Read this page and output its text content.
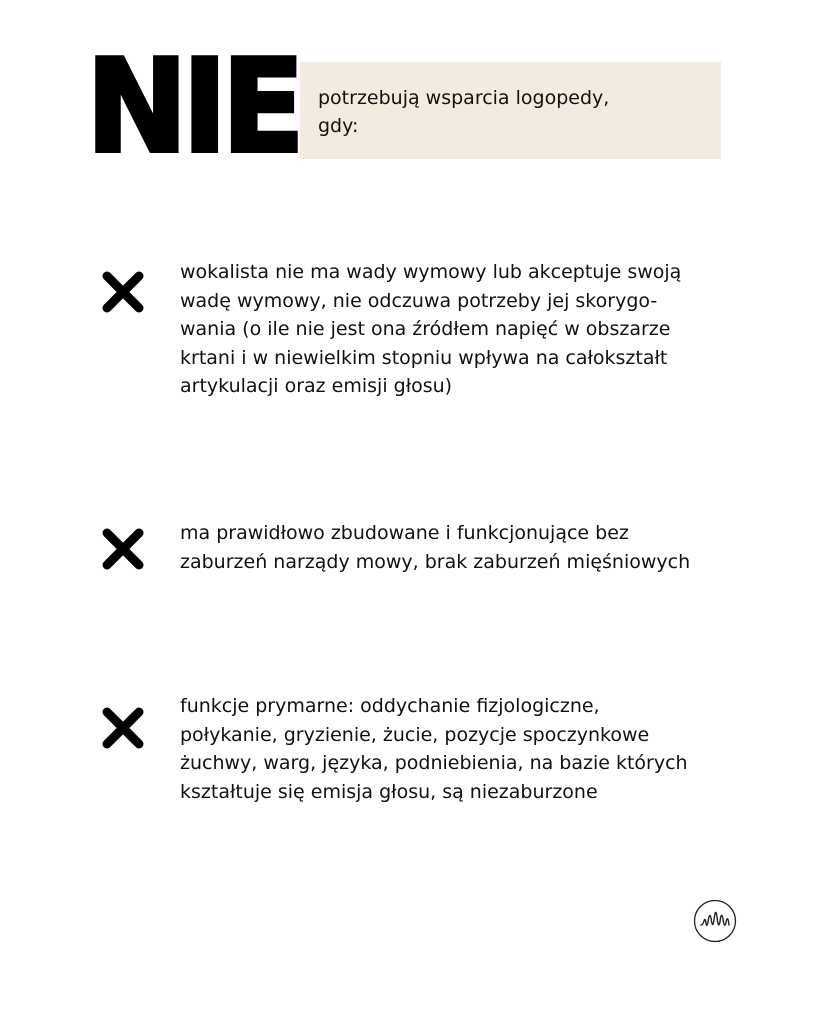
NIE potrzebują wsparcia logopedy,
gdy:

wokalista nie ma wady wymowy lub akceptuje swoją
wadę wymowy, nie odczuwa potrzeby jej skorygo-
wania (o ile nie jest ona źródłem napięć w obszarze
krtani i w niewielkim stopniu wpływa na całokształt
artykulacji oraz emisji głosu)

ma prawidłowo zbudowane i funkcjonujące bez
zaburzeń narządy mowy, brak zaburzeń mięśniowych

funkcje prymarne: oddychanie fizjologiczne,
połykanie, gryzienie, żucie, pozycje spoczynkowe
żuchwy, warg, języka, podniebienia, na bazie których
kształtuje się emisja głosu, są niezaburzone
